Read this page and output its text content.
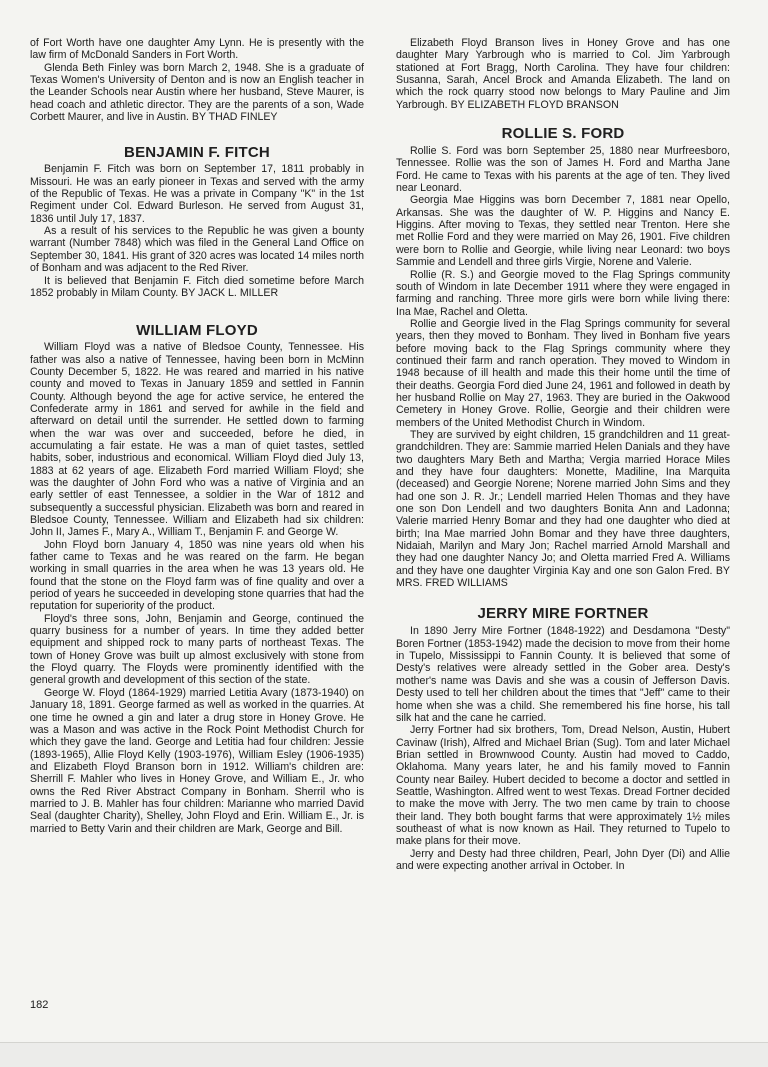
of Fort Worth have one daughter Amy Lynn. He is presently with the law firm of McDonald Sanders in Fort Worth.

Glenda Beth Finley was born March 2, 1948. She is a graduate of Texas Women's University of Denton and is now an English teacher in the Leander Schools near Austin where her husband, Steve Maurer, is head coach and athletic director. They are the parents of a son, Wade Corbett Maurer, and live in Austin. BY THAD FINLEY

BENJAMIN F. FITCH

Benjamin F. Fitch was born on September 17, 1811 probably in Missouri. He was an early pioneer in Texas and served with the army of the Republic of Texas. He was a private in Company "K" in the 1st Regiment under Col. Edward Burleson. He served from August 31, 1836 until July 17, 1837.

As a result of his services to the Republic he was given a bounty warrant (Number 7848) which was filed in the General Land Office on September 30, 1841. His grant of 320 acres was located 14 miles north of Bonham and was adjacent to the Red River.

It is believed that Benjamin F. Fitch died sometime before March 1852 probably in Milam County. BY JACK L. MILLER

WILLIAM FLOYD

William Floyd was a native of Bledsoe County, Tennessee. His father was also a native of Tennessee, having been born in McMinn County December 5, 1822. He was reared and married in his native county and moved to Texas in January 1859 and settled in Fannin County. Although beyond the age for active service, he entered the Confederate army in 1861 and served for awhile in the field and afterward on detail until the surrender. He settled down to farming when the war was over and succeeded, before he died, in accumulating a fair estate. He was a man of quiet tastes, settled habits, sober, industrious and economical. William Floyd died July 13, 1883 at 62 years of age. Elizabeth Ford married William Floyd; she was the daughter of John Ford who was a native of Virginia and an early settler of east Tennessee, a soldier in the War of 1812 and subsequently a successful physician. Elizabeth was born and reared in Bledsoe County, Tennessee. William and Elizabeth had six children: John II, James F., Mary A., William T., Benjamin F. and George W.

John Floyd born January 4, 1850 was nine years old when his father came to Texas and he was reared on the farm. He began working in small quarries in the area when he was 13 years old. He found that the stone on the Floyd farm was of fine quality and over a period of years he succeeded in developing stone quarries that had the reputation for superiority of the product.

Floyd's three sons, John, Benjamin and George, continued the quarry business for a number of years. In time they added better equipment and shipped rock to many parts of northeast Texas. The town of Honey Grove was built up almost exclusively with stone from the Floyd quarry. The Floyds were prominently identified with the general growth and development of this section of the state.

George W. Floyd (1864-1929) married Letitia Avary (1873-1940) on January 18, 1891. George farmed as well as worked in the quarries. At one time he owned a gin and later a drug store in Honey Grove. He was a Mason and was active in the Rock Point Methodist Church for which they gave the land. George and Letitia had four children: Jessie (1893-1965), Allie Floyd Kelly (1903-1976), William Esley (1906-1935) and Elizabeth Floyd Branson born in 1912. William's children are: Sherrill F. Mahler who lives in Honey Grove, and William E., Jr. who owns the Red River Abstract Company in Bonham. Sherril who is married to J. B. Mahler has four children: Marianne who married David Seal (daughter Charity), Shelley, John Floyd and Erin. William E., Jr. is married to Betty Varin and their children are Mark, George and Bill.

Elizabeth Floyd Branson lives in Honey Grove and has one daughter Mary Yarbrough who is married to Col. Jim Yarbrough stationed at Fort Bragg, North Carolina. They have four children: Susanna, Sarah, Ancel Brock and Amanda Elizabeth. The land on which the rock quarry stood now belongs to Mary Pauline and Jim Yarbrough. BY ELIZABETH FLOYD BRANSON

ROLLIE S. FORD

Rollie S. Ford was born September 25, 1880 near Murfreesboro, Tennessee. Rollie was the son of James H. Ford and Martha Jane Ford. He came to Texas with his parents at the age of ten. They lived near Leonard.

Georgia Mae Higgins was born December 7, 1881 near Opello, Arkansas. She was the daughter of W. P. Higgins and Nancy E. Higgins. After moving to Texas, they settled near Trenton. Here she met Rollie Ford and they were married on May 26, 1901. Five children were born to Rollie and Georgie, while living near Leonard: two boys Sammie and Lendell and three girls Virgie, Norene and Valerie.

Rollie (R. S.) and Georgie moved to the Flag Springs community south of Windom in late December 1911 where they were engaged in farming and ranching. Three more girls were born while living there: Ina Mae, Rachel and Oletta.

Rollie and Georgie lived in the Flag Springs community for several years, then they moved to Bonham. They lived in Bonham five years before moving back to the Flag Springs community where they continued their farm and ranch operation. They moved to Windom in 1948 because of ill health and made this their home until the time of their deaths. Georgia Ford died June 24, 1961 and followed in death by her husband Rollie on May 27, 1963. They are buried in the Oakwood Cemetery in Honey Grove. Rollie, Georgie and their children were members of the United Methodist Church in Windom.

They are survived by eight children, 15 grandchildren and 11 great-grandchildren. They are: Sammie married Helen Danials and they have two daughters Mary Beth and Martha; Vergia married Horace Miles and they have four daughters: Monette, Madiline, Ina Marquita (deceased) and Georgie Norene; Norene married John Sims and they had one son J. R. Jr.; Lendell married Helen Thomas and they have one son Don Lendell and two daughters Bonita Ann and Ladonna; Valerie married Henry Bomar and they had one daughter who died at birth; Ina Mae married John Bomar and they have three daughters, Nidaiah, Marilyn and Mary Jon; Rachel married Arnold Marshall and they had one daughter Nancy Jo; and Oletta married Fred A. Williams and they have one daughter Virginia Kay and one son Galon Fred. BY MRS. FRED WILLIAMS

JERRY MIRE FORTNER

In 1890 Jerry Mire Fortner (1848-1922) and Desdamona "Desty" Boren Fortner (1853-1942) made the decision to move from their home in Tupelo, Mississippi to Fannin County. It is believed that some of Desty's relatives were already settled in the Gober area. Desty's mother's name was Davis and she was a cousin of Jefferson Davis. Desty used to tell her children about the times that "Jeff" came to their home when she was a child. She remembered his fine horse, his tall silk hat and the cane he carried.

Jerry Fortner had six brothers, Tom, Dread Nelson, Austin, Hubert Cavinaw (Irish), Alfred and Michael Brian (Sug). Tom and later Michael Brian settled in Brownwood County. Austin had moved to Caddo, Oklahoma. Many years later, he and his family moved to Fannin County near Bailey. Hubert decided to become a doctor and settled in Seattle, Washington. Alfred went to west Texas. Dread Fortner decided to make the move with Jerry. The two men came by train to choose their land. They both bought farms that were approximately 1½ miles southeast of what is now known as Hail. They returned to Tupelo to make plans for their move.

Jerry and Desty had three children, Pearl, John Dyer (Di) and Allie and were expecting another arrival in October. In

182
